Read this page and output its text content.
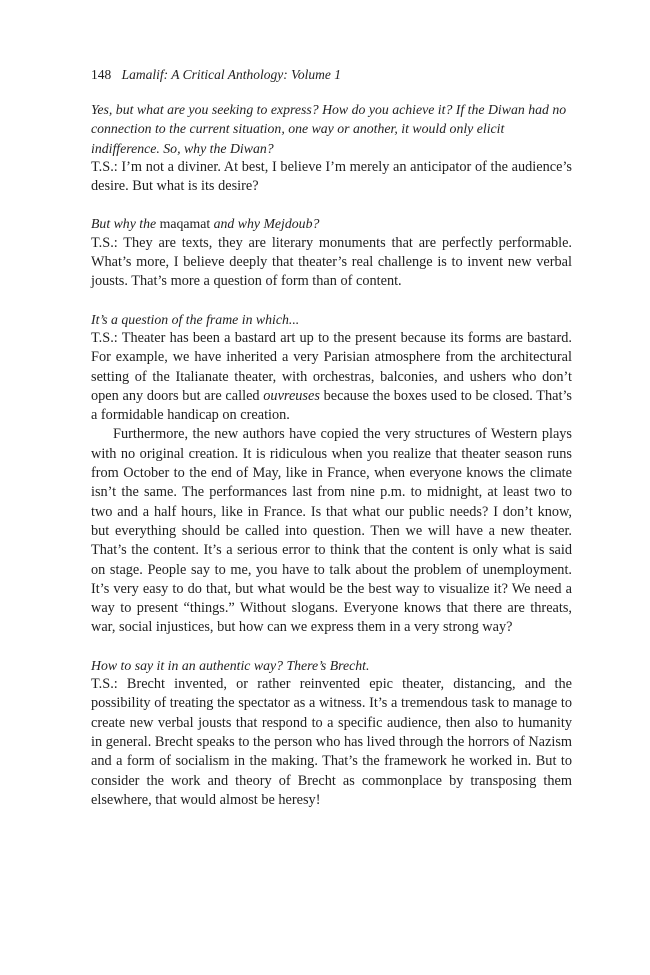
148 Lamalif: A Critical Anthology: Volume 1

Yes, but what are you seeking to express? How do you achieve it? If the Diwan had no connection to the current situation, one way or another, it would only elicit indifference. So, why the Diwan?

T.S.: I’m not a diviner. At best, I believe I’m merely an anticipator of the audience’s desire. But what is its desire?

But why the maqamat and why Mejdoub?

T.S.: They are texts, they are literary monuments that are perfectly performable. What’s more, I believe deeply that theater’s real challenge is to invent new verbal jousts. That’s more a question of form than of content.

It’s a question of the frame in which...

T.S.: Theater has been a bastard art up to the present because its forms are bastard. For example, we have inherited a very Parisian atmosphere from the architectural setting of the Italianate theater, with orchestras, balconies, and ushers who don’t open any doors but are called ouvreuses because the boxes used to be closed. That’s a formidable handicap on creation.

Furthermore, the new authors have copied the very structures of Western plays with no original creation. It is ridiculous when you realize that theater season runs from October to the end of May, like in France, when everyone knows the climate isn’t the same. The performances last from nine p.m. to midnight, at least two to two and a half hours, like in France. Is that what our public needs? I don’t know, but everything should be called into question. Then we will have a new theater. That’s the content. It’s a serious error to think that the content is only what is said on stage. People say to me, you have to talk about the problem of unemployment. It’s very easy to do that, but what would be the best way to visualize it? We need a way to present “things.” Without slogans. Everyone knows that there are threats, war, social injustices, but how can we express them in a very strong way?

How to say it in an authentic way? There’s Brecht.

T.S.: Brecht invented, or rather reinvented epic theater, distancing, and the possibility of treating the spectator as a witness. It’s a tremendous task to manage to create new verbal jousts that respond to a specific audience, then also to humanity in general. Brecht speaks to the person who has lived through the horrors of Nazism and a form of socialism in the making. That’s the framework he worked in. But to consider the work and theory of Brecht as commonplace by transposing them elsewhere, that would almost be heresy!
